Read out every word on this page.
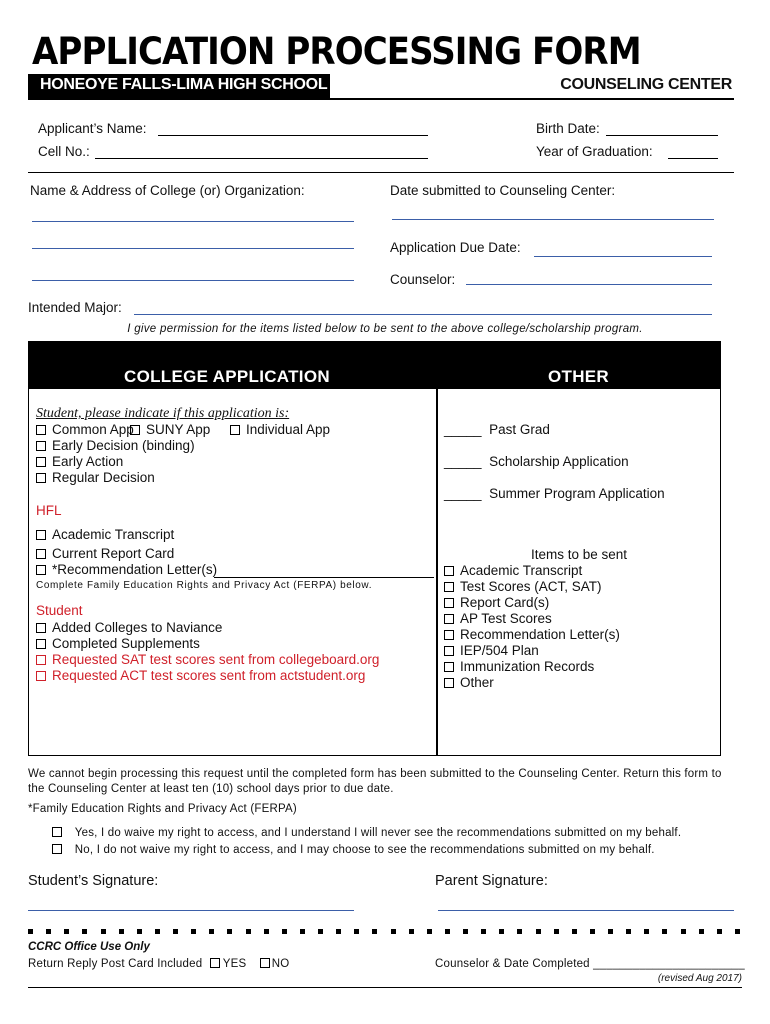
APPLICATION PROCESSING FORM
HONEOYE FALLS-LIMA HIGH SCHOOL	COUNSELING CENTER
Applicant’s Name:
Cell No.:
Birth Date:
Year of Graduation:
Name & Address of College (or) Organization:	Date submitted to Counseling Center:
Application Due Date:
Counselor:
Intended Major:
I give permission for the items listed below to be sent to the above college/scholarship program.
COLLEGE APPLICATION	OTHER
Student, please indicate if this application is:
Common App SUNY App	Individual App
Early Decision (binding)
Early Action
Regular Decision
HFL
Academic Transcript
Current Report Card
*Recommendation Letter(s)
Complete Family Education Rights and Privacy Act (FERPA) below.
Student
Added Colleges to Naviance
Completed Supplements
Requested SAT test scores sent from collegeboard.org
Requested ACT test scores sent from actstudent.org
_____ Past Grad
_____ Scholarship Application
_____ Summer Program Application
Items to be sent
Academic Transcript
Test Scores (ACT, SAT)
Report Card(s)
AP Test Scores
Recommendation Letter(s)
IEP/504 Plan
Immunization Records
Other
We cannot begin processing this request until the completed form has been submitted to the Counseling Center. Return this form to the Counseling Center at least ten (10) school days prior to due date.
*Family Education Rights and Privacy Act (FERPA)
Yes, I do waive my right to access, and I understand I will never see the recommendations submitted on my behalf.
No, I do not waive my right to access, and I may choose to see the recommendations submitted on my behalf.
Student’s Signature:	Parent Signature:
CCRC Office Use Only
Return Reply Post Card Included YES NO	Counselor & Date Completed _______________________
(revised Aug 2017)
